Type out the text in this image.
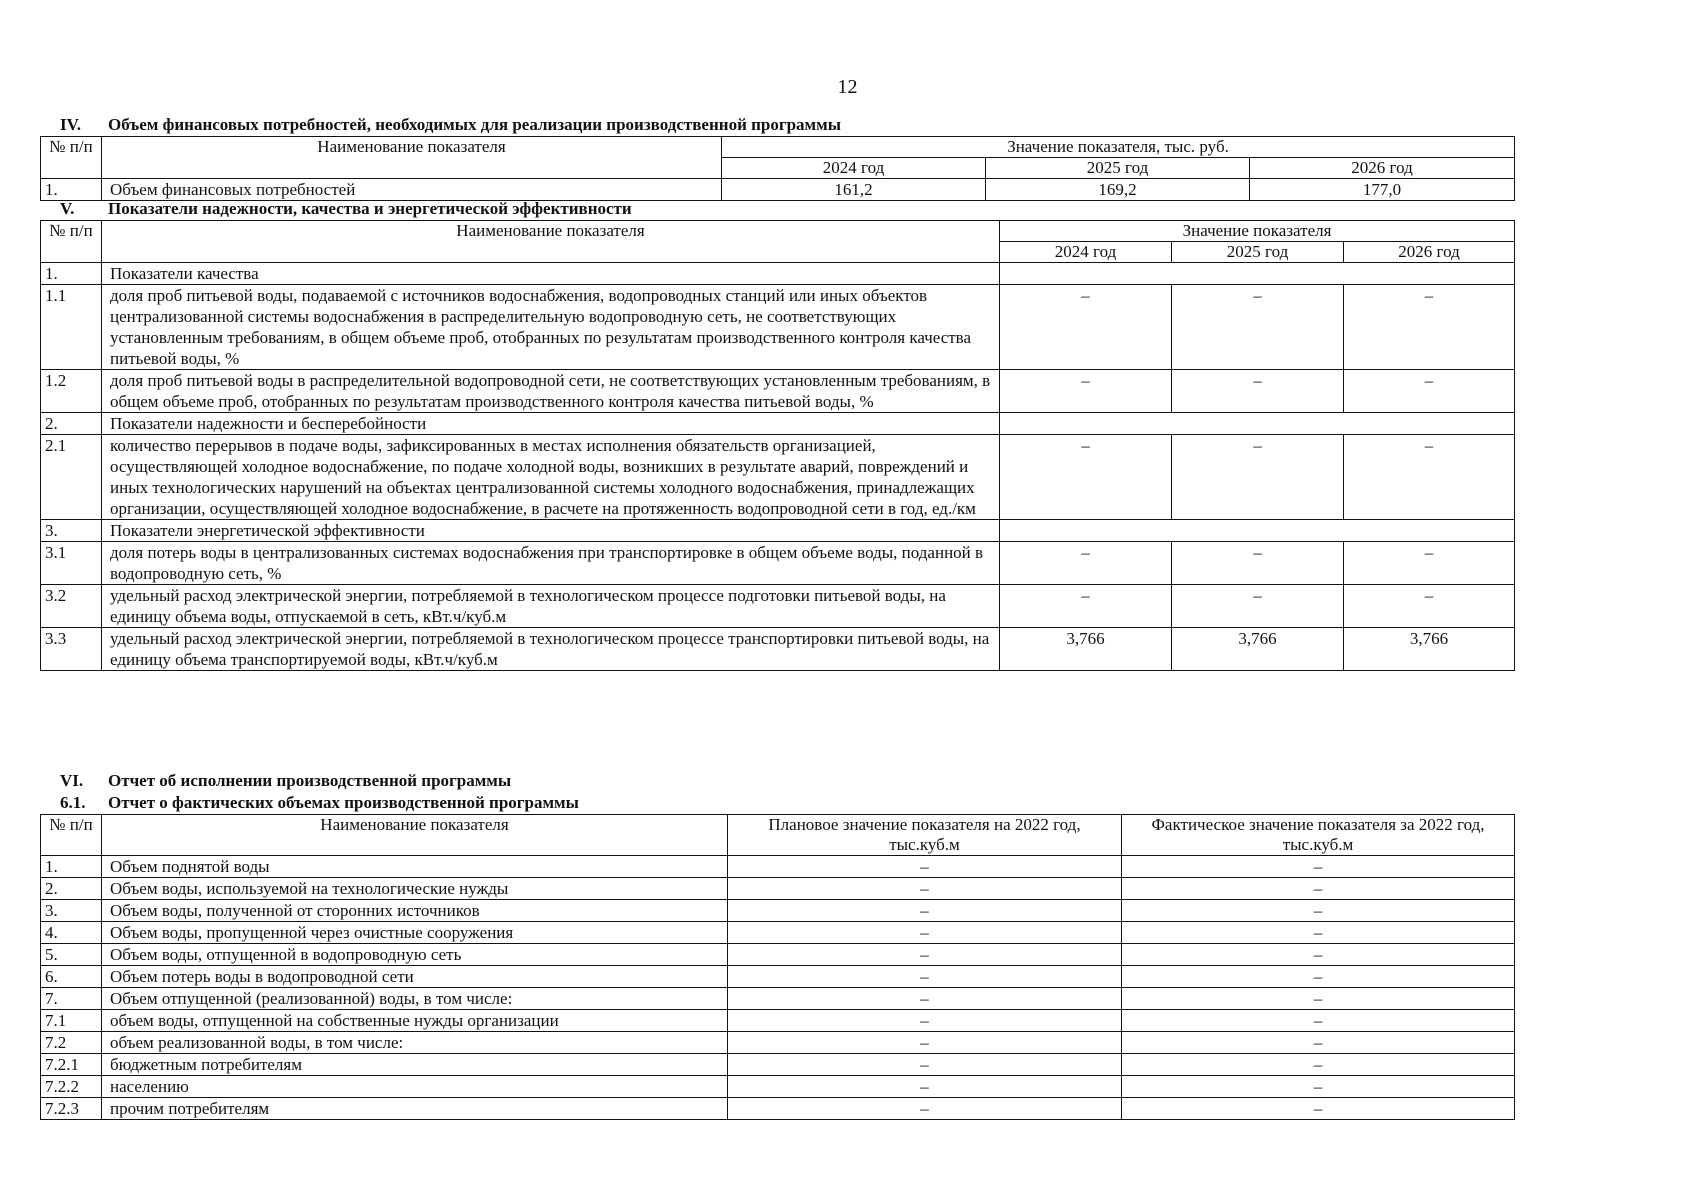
12
IV. Объем финансовых потребностей, необходимых для реализации производственной программы
№ п/п	Наименование показателя	Значение показателя, тыс. руб.		
		2024 год	2025 год	2026 год
1.	Объем финансовых потребностей	161,2	169,2	177,0
V. Показатели надежности, качества и энергетической эффективности
№ п/п	Наименование показателя	Значение показателя		
		2024 год	2025 год	2026 год
1.	Показатели качества			
1.1	доля проб питьевой воды, подаваемой с источников водоснабжения, водопроводных станций или иных объектов централизованной системы водоснабжения в распределительную водопроводную сеть, не соответствующих установленным требованиям, в общем объеме проб, отобранных по результатам производственного контроля качества питьевой воды, %	–	–	–
1.2	доля проб питьевой воды в распределительной водопроводной сети, не соответствующих установленным требованиям, в общем объеме проб, отобранных по результатам производственного контроля качества питьевой воды, %	–	–	–
2.	Показатели надежности и бесперебойности			
2.1	количество перерывов в подаче воды, зафиксированных в местах исполнения обязательств организацией, осуществляющей холодное водоснабжение, по подаче холодной воды, возникших в результате аварий, повреждений и иных технологических нарушений на объектах централизованной системы холодного водоснабжения, принадлежащих организации, осуществляющей холодное водоснабжение, в расчете на протяженность водопроводной сети в год, ед./км	–	–	–
3.	Показатели энергетической эффективности			
3.1	доля потерь воды в централизованных системах водоснабжения при транспортировке в общем объеме воды, поданной в водопроводную сеть, %	–	–	–
3.2	удельный расход электрической энергии, потребляемой в технологическом процессе подготовки питьевой воды, на единицу объема воды, отпускаемой в сеть, кВт.ч/куб.м	–	–	–
3.3	удельный расход электрической энергии, потребляемой в технологическом процессе транспортировки питьевой воды, на единицу объема транспортируемой воды, кВт.ч/куб.м	3,766	3,766	3,766
VI. Отчет об исполнении производственной программы
6.1. Отчет о фактических объемах производственной программы
№ п/п	Наименование показателя	Плановое значение показателя на 2022 год, тыс.куб.м	Фактическое значение показателя за 2022 год, тыс.куб.м
1.	Объем поднятой воды	–	–
2.	Объем воды, используемой на технологические нужды	–	–
3.	Объем воды, полученной от сторонних источников	–	–
4.	Объем воды, пропущенной через очистные сооружения	–	–
5.	Объем воды, отпущенной в водопроводную сеть	–	–
6.	Объем потерь воды в водопроводной сети	–	–
7.	Объем отпущенной (реализованной) воды, в том числе:	–	–
7.1	объем воды, отпущенной на собственные нужды организации	–	–
7.2	объем реализованной воды, в том числе:	–	–
7.2.1	бюджетным потребителям	–	–
7.2.2	населению	–	–
7.2.3	прочим потребителям	–	–
